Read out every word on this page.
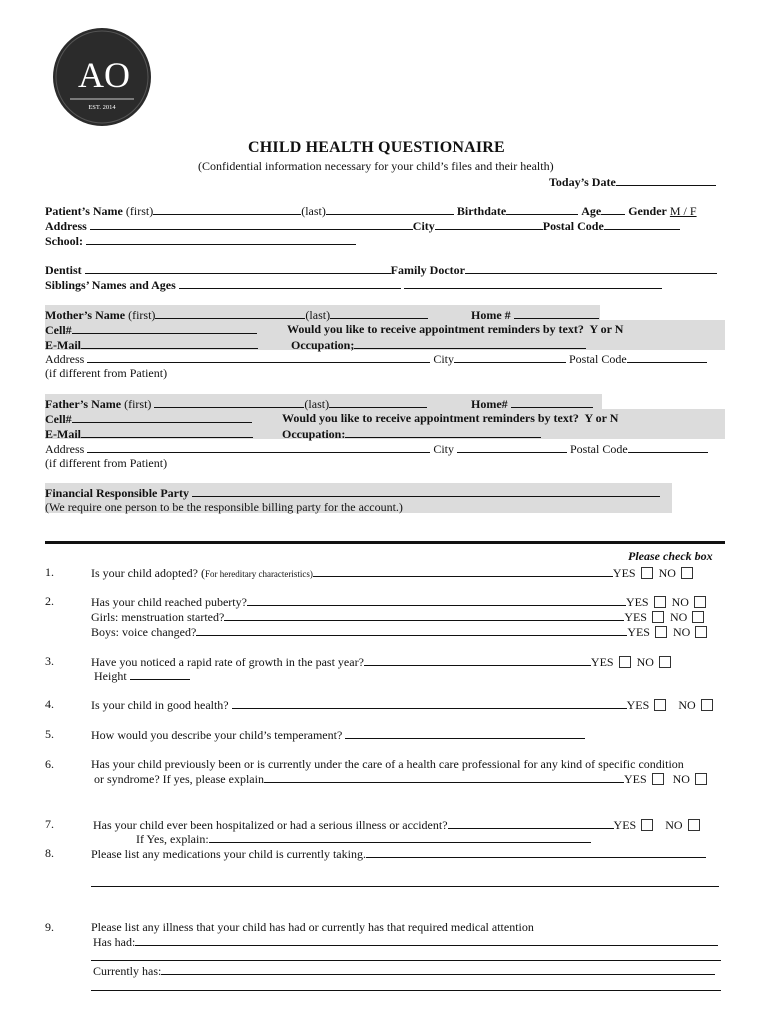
AO
EST. 2014
CHILD HEALTH QUESTIONAIRE
(Confidential information necessary for your child’s files and their health)
Today’s Date
Patient’s Name (first)	(last)	Birthdate	Age Gender M / F
Address	City	Postal Code
School:
Dentist	Family Doctor
Siblings’ Names and Ages
Mother’s Name (first)	(last)	Home #
Cell#	Would you like to receive appointment reminders by text? Y or N
E-Mail	Occupation;
Address	City	Postal Code
(if different from Patient)
Father’s Name (first)	(last)	Home#
Cell#	Would you like to receive appointment reminders by text? Y or N
E-Mail	Occupation:
Address	City	Postal Code
(if different from Patient)
Financial Responsible Party
(We require one person to be the responsible billing party for the account.)
Please check box
1.	Is your child adopted? (For hereditary characteristics)	YES NO
2.	Has your child reached puberty?	YES NO
Girls: menstruation started?	YES NO
Boys: voice changed?	YES NO
3.	Have you noticed a rapid rate of growth in the past year?	YES NO
Height
4.	Is your child in good health?	YES NO
5.	How would you describe your child’s temperament?
6.	Has your child previously been or is currently under the care of a health care professional for any kind of specific condition
or syndrome? If yes, please explain	YES NO
7.	Has your child ever been hospitalized or had a serious illness or accident?	YES NO
If Yes, explain:
8.	Please list any medications your child is currently taking.
9.	Please list any illness that your child has had or currently has that required medical attention
Has had:
Currently has:
